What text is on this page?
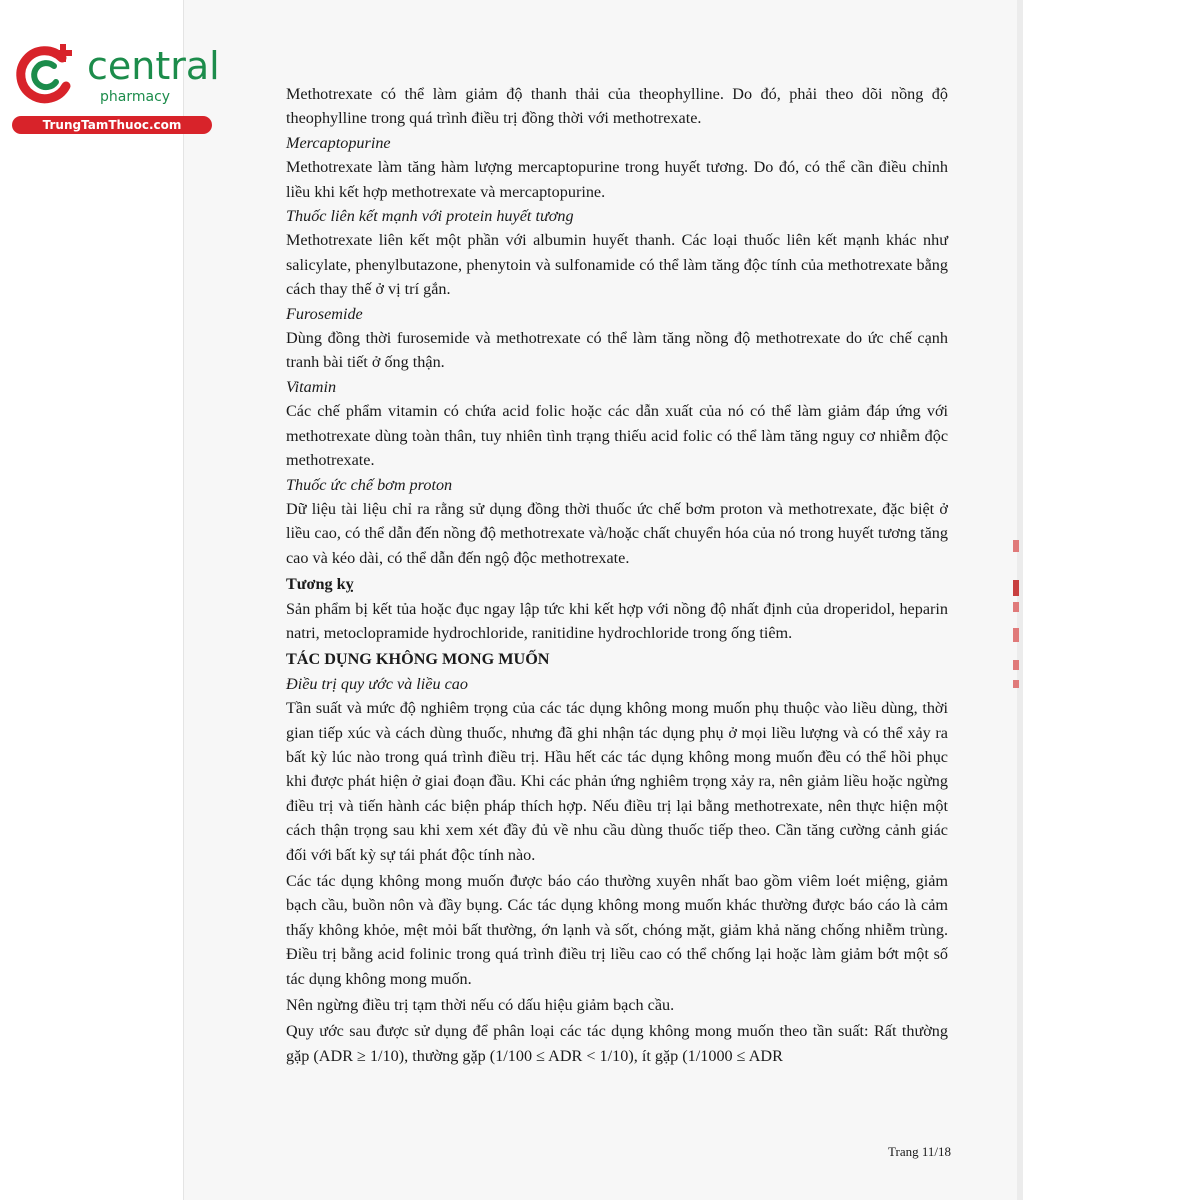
central
pharmacy
TrungTamThuoc.com

Methotrexate có thể làm giảm độ thanh thải của theophylline. Do đó, phải theo dõi nồng độ theophylline trong quá trình điều trị đồng thời với methotrexate.

Mercaptopurine

Methotrexate làm tăng hàm lượng mercaptopurine trong huyết tương. Do đó, có thể cần điều chỉnh liều khi kết hợp methotrexate và mercaptopurine.

Thuốc liên kết mạnh với protein huyết tương

Methotrexate liên kết một phần với albumin huyết thanh. Các loại thuốc liên kết mạnh khác như salicylate, phenylbutazone, phenytoin và sulfonamide có thể làm tăng độc tính của methotrexate bằng cách thay thế ở vị trí gắn.

Furosemide

Dùng đồng thời furosemide và methotrexate có thể làm tăng nồng độ methotrexate do ức chế cạnh tranh bài tiết ở ống thận.

Vitamin

Các chế phẩm vitamin có chứa acid folic hoặc các dẫn xuất của nó có thể làm giảm đáp ứng với methotrexate dùng toàn thân, tuy nhiên tình trạng thiếu acid folic có thể làm tăng nguy cơ nhiễm độc methotrexate.

Thuốc ức chế bơm proton

Dữ liệu tài liệu chỉ ra rằng sử dụng đồng thời thuốc ức chế bơm proton và methotrexate, đặc biệt ở liều cao, có thể dẫn đến nồng độ methotrexate và/hoặc chất chuyển hóa của nó trong huyết tương tăng cao và kéo dài, có thể dẫn đến ngộ độc methotrexate.

Tương kỵ

Sản phẩm bị kết tủa hoặc đục ngay lập tức khi kết hợp với nồng độ nhất định của droperidol, heparin natri, metoclopramide hydrochloride, ranitidine hydrochloride trong ống tiêm.

TÁC DỤNG KHÔNG MONG MUỐN

Điều trị quy ước và liều cao

Tần suất và mức độ nghiêm trọng của các tác dụng không mong muốn phụ thuộc vào liều dùng, thời gian tiếp xúc và cách dùng thuốc, nhưng đã ghi nhận tác dụng phụ ở mọi liều lượng và có thể xảy ra bất kỳ lúc nào trong quá trình điều trị. Hầu hết các tác dụng không mong muốn đều có thể hồi phục khi được phát hiện ở giai đoạn đầu. Khi các phản ứng nghiêm trọng xảy ra, nên giảm liều hoặc ngừng điều trị và tiến hành các biện pháp thích hợp. Nếu điều trị lại bằng methotrexate, nên thực hiện một cách thận trọng sau khi xem xét đầy đủ về nhu cầu dùng thuốc tiếp theo. Cần tăng cường cảnh giác đối với bất kỳ sự tái phát độc tính nào.

Các tác dụng không mong muốn được báo cáo thường xuyên nhất bao gồm viêm loét miệng, giảm bạch cầu, buồn nôn và đầy bụng. Các tác dụng không mong muốn khác thường được báo cáo là cảm thấy không khỏe, mệt mỏi bất thường, ớn lạnh và sốt, chóng mặt, giảm khả năng chống nhiễm trùng. Điều trị bằng acid folinic trong quá trình điều trị liều cao có thể chống lại hoặc làm giảm bớt một số tác dụng không mong muốn.

Nên ngừng điều trị tạm thời nếu có dấu hiệu giảm bạch cầu.

Quy ước sau được sử dụng để phân loại các tác dụng không mong muốn theo tần suất: Rất thường gặp (ADR ≥ 1/10), thường gặp (1/100 ≤ ADR < 1/10), ít gặp (1/1000 ≤ ADR

Trang 11/18
